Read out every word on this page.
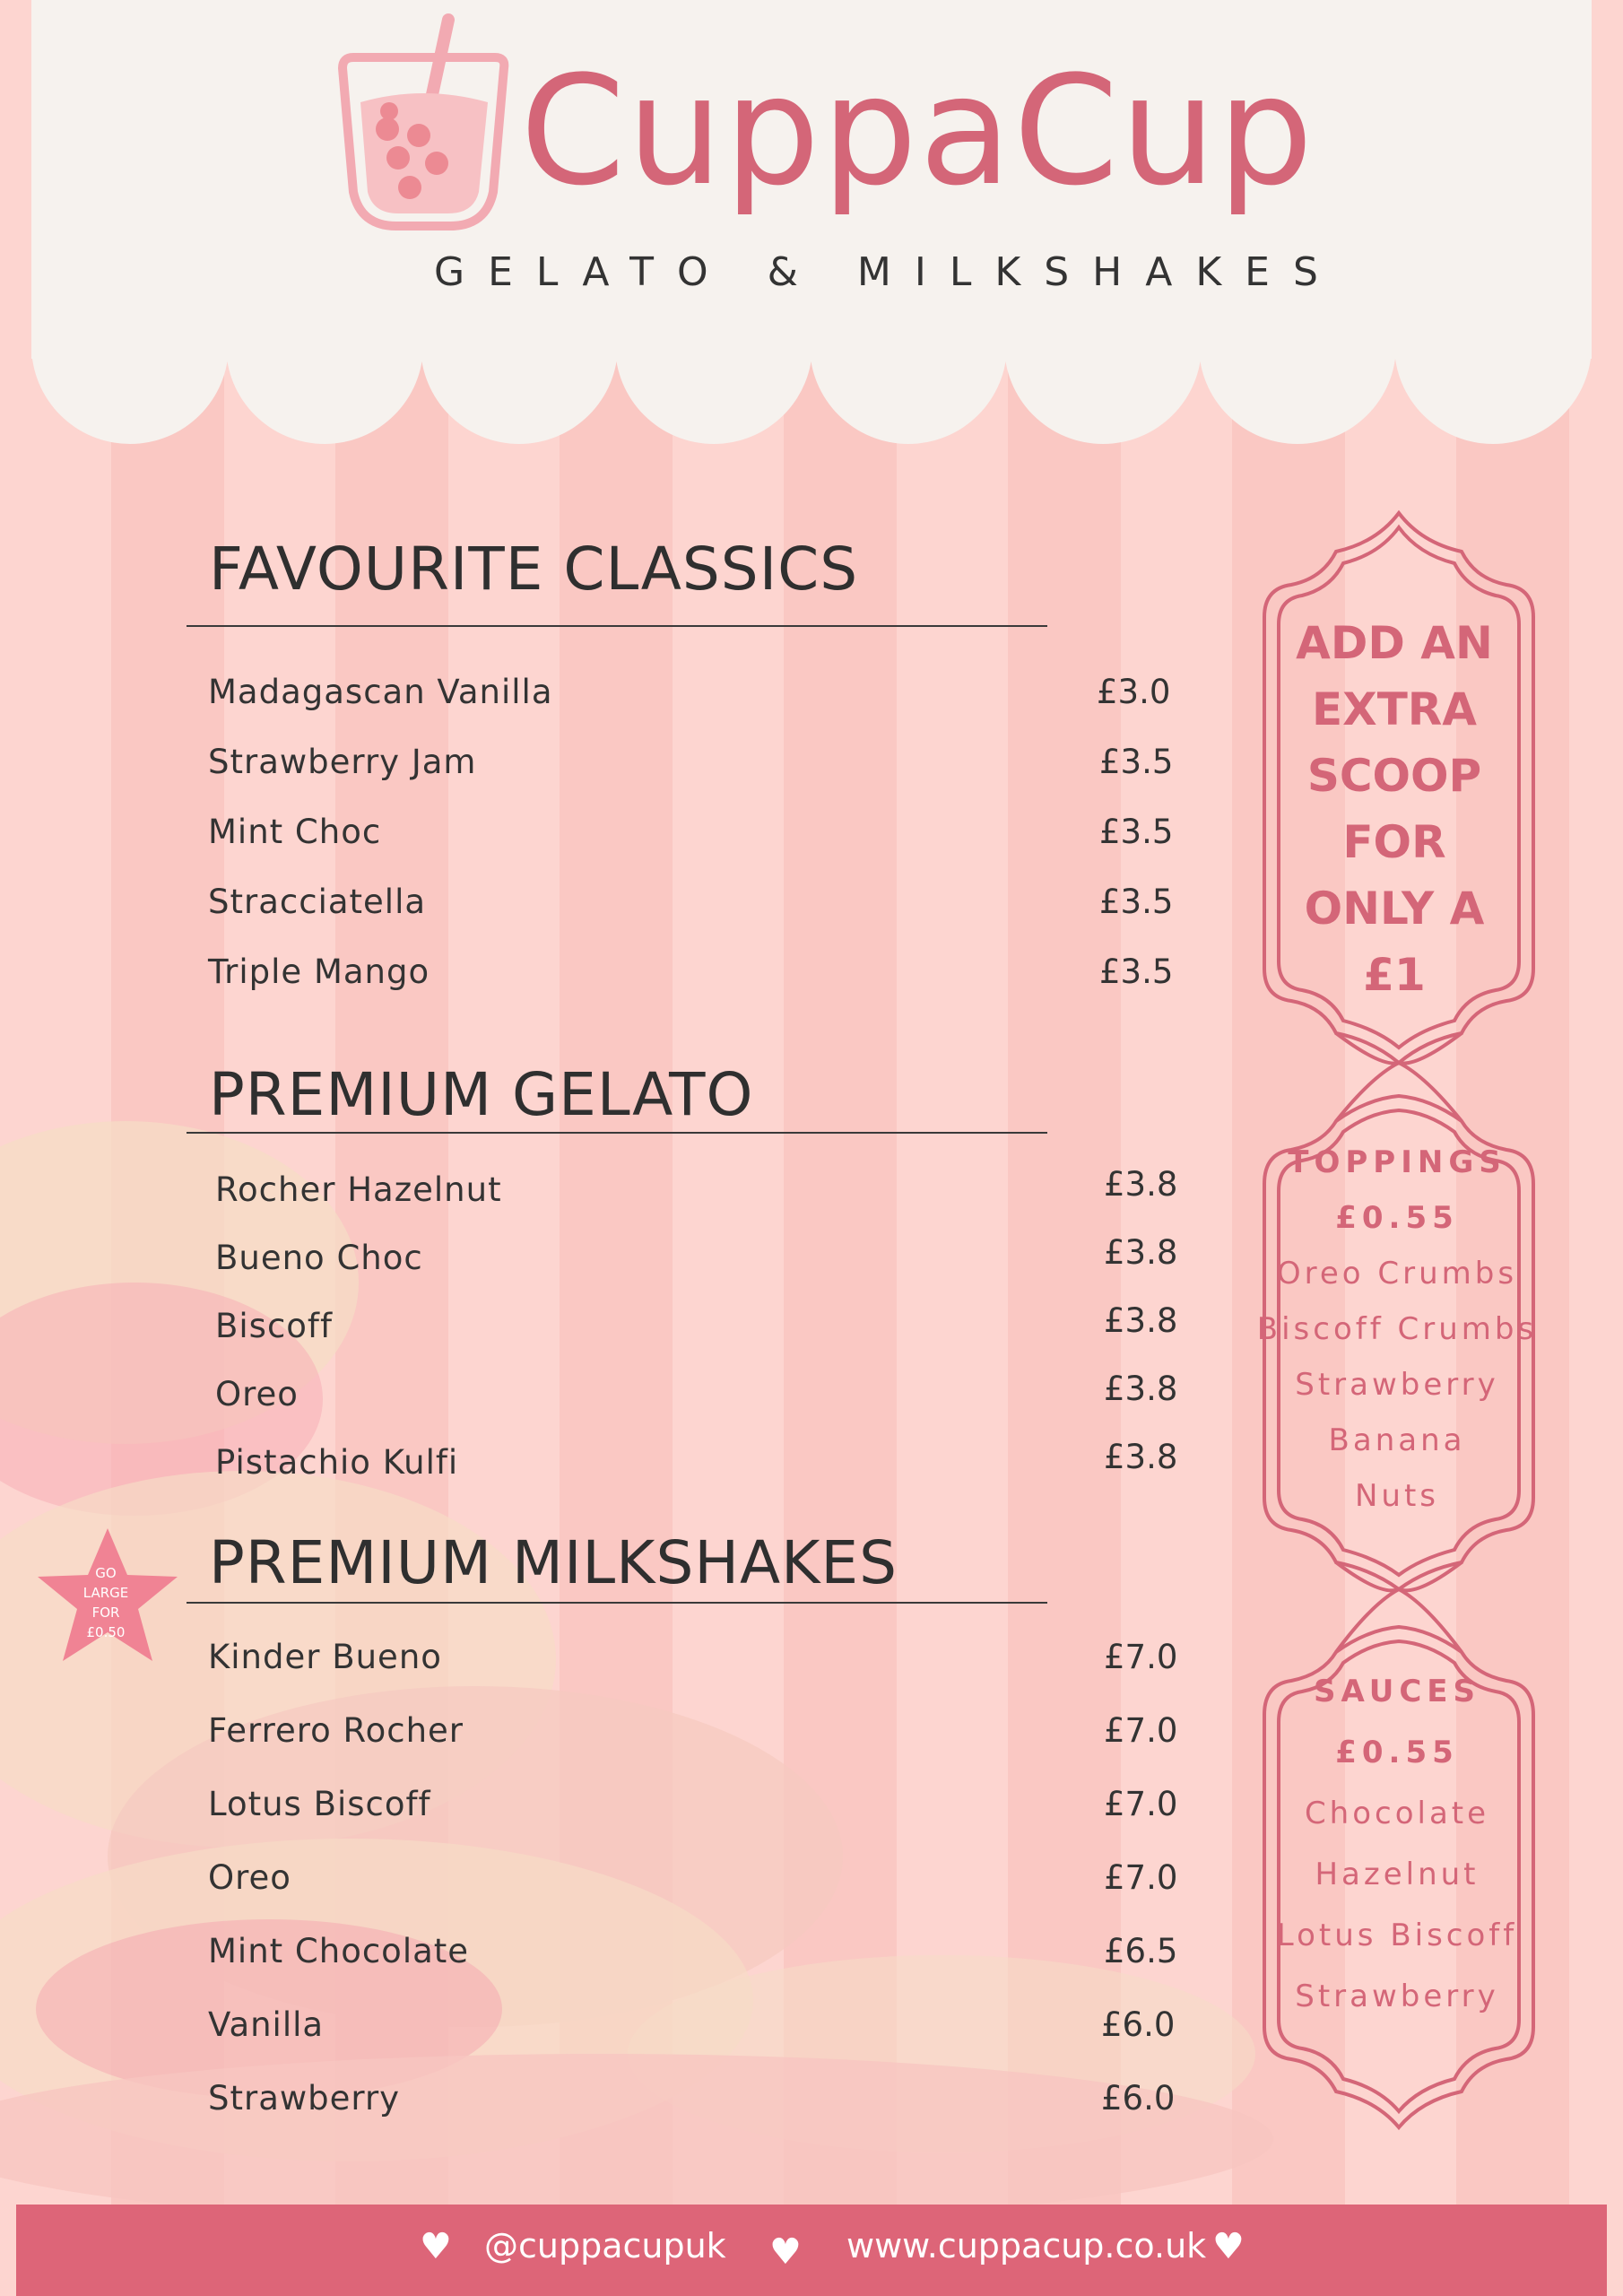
CuppaCup
GELATO & MILKSHAKES
FAVOURITE CLASSICS
Madagascan Vanilla	£3.0
Strawberry Jam	£3.5
Mint Choc	£3.5
Stracciatella	£3.5
Triple Mango	£3.5
PREMIUM GELATO
Rocher Hazelnut	£3.8
Bueno Choc	£3.8
Biscoff	£3.8
Oreo	£3.8
Pistachio Kulfi	£3.8
PREMIUM MILKSHAKES
Kinder Bueno	£7.0
Ferrero Rocher	£7.0
Lotus Biscoff	£7.0
Oreo	£7.0
Mint Chocolate	£6.5
Vanilla	£6.0
Strawberry	£6.0
ADD AN
EXTRA
SCOOP
FOR
ONLY A
£1
TOPPINGS
£0.55
Oreo Crumbs
Biscoff Crumbs
Strawberry
Banana
Nuts
SAUCES
£0.55
Chocolate
Hazelnut
Lotus Biscoff
Strawberry
GO
LARGE
FOR
£0.50
♥ @cuppacupuk ♥ www.cuppacup.co.uk ♥
